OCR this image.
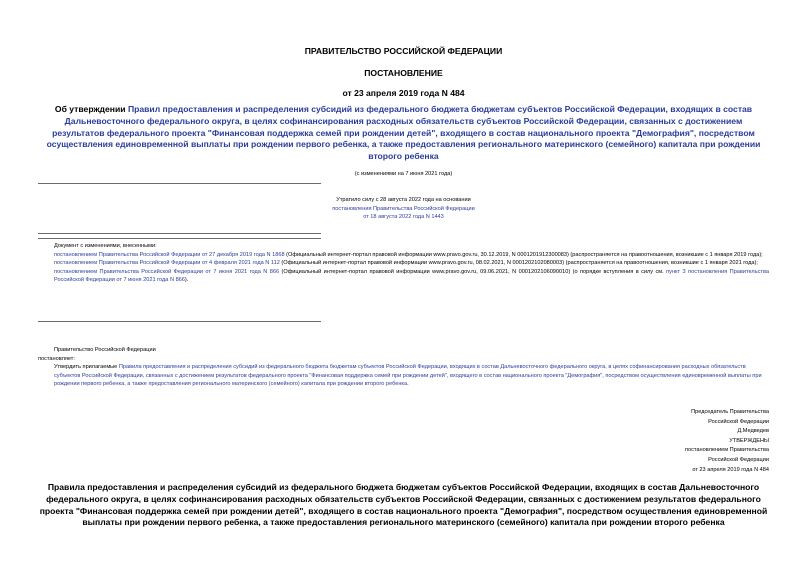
ПРАВИТЕЛЬСТВО РОССИЙСКОЙ ФЕДЕРАЦИИ
ПОСТАНОВЛЕНИЕ
от 23 апреля 2019 года N 484
Об утверждении Правил предоставления и распределения субсидий из федерального бюджета бюджетам субъектов Российской Федерации, входящих в состав Дальневосточного федерального округа, в целях софинансирования расходных обязательств субъектов Российской Федерации, связанных с достижением результатов федерального проекта "Финансовая поддержка семей при рождении детей", входящего в состав национального проекта "Демография", посредством осуществления единовременной выплаты при рождении первого ребенка, а также предоставления регионального материнского (семейного) капитала при рождении второго ребенка
(с изменениями на 7 июня 2021 года)
Утратило силу с 28 августа 2022 года на основании
постановления Правительства Российской Федерации
от 18 августа 2022 года N 1443
Документ с изменениями, внесенными:
постановлением Правительства Российской Федерации от 27 декабря 2019 года N 1868 (Официальный интернет-портал правовой информации www.pravo.gov.ru, 30.12.2019, N 0001201912300083) (распространяется на правоотношения, возникшие с 1 января 2019 года);
постановлением Правительства Российской Федерации от 4 февраля 2021 года N 112 (Официальный интернет-портал правовой информации www.pravo.gov.ru, 08.02.2021, N 0001202102080003) (распространяется на правоотношения, возникшие с 1 января 2021 года);
постановлением Правительства Российской Федерации от 7 июня 2021 года N 866 (Официальный интернет-портал правовой информации www.pravo.gov.ru, 09.06.2021, N 0001202106090010) (о порядке вступления в силу см. пункт 3 постановления Правительства Российской Федерации от 7 июня 2021 года N 866).
Правительство Российской Федерации
постановляет:
Утвердить прилагаемые Правила предоставления и распределения субсидий из федерального бюджета бюджетам субъектов Российской Федерации, входящих в состав Дальневосточного федерального округа, в целях софинансирования расходных обязательств субъектов Российской Федерации, связанных с достижением результатов федерального проекта "Финансовая поддержка семей при рождении детей", входящего в состав национального проекта "Демография", посредством осуществления единовременной выплаты при рождении первого ребенка, а также предоставления регионального материнского (семейного) капитала при рождении второго ребенка.
Председатель Правительства
Российской Федерации
Д.Медведев
УТВЕРЖДЕНЫ
постановлением Правительства
Российской Федерации
от 23 апреля 2019 года N 484
Правила предоставления и распределения субсидий из федерального бюджета бюджетам субъектов Российской Федерации, входящих в состав Дальневосточного федерального округа, в целях софинансирования расходных обязательств субъектов Российской Федерации, связанных с достижением результатов федерального проекта "Финансовая поддержка семей при рождении детей", входящего в состав национального проекта "Демография", посредством осуществления единовременной выплаты при рождении первого ребенка, а также предоставления регионального материнского (семейного) капитала при рождении второго ребенка
